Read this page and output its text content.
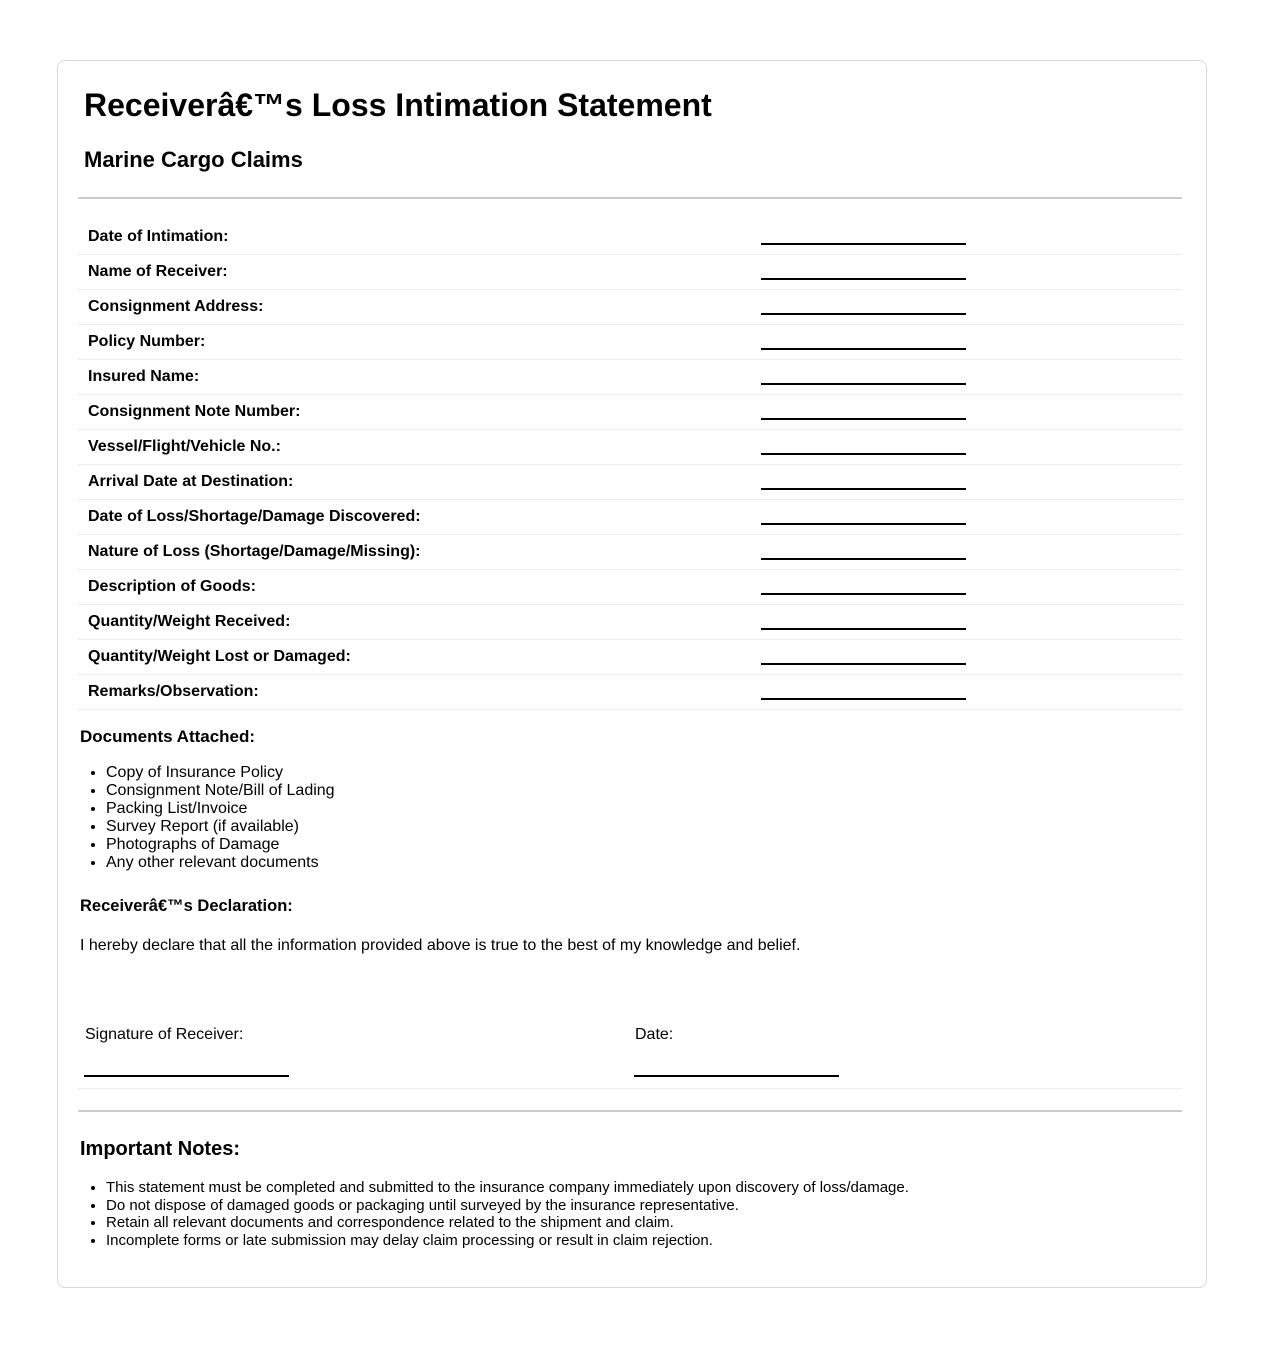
Receiverâ€™s Loss Intimation Statement
Marine Cargo Claims
Date of Intimation:
Name of Receiver:
Consignment Address:
Policy Number:
Insured Name:
Consignment Note Number:
Vessel/Flight/Vehicle No.:
Arrival Date at Destination:
Date of Loss/Shortage/Damage Discovered:
Nature of Loss (Shortage/Damage/Missing):
Description of Goods:
Quantity/Weight Received:
Quantity/Weight Lost or Damaged:
Remarks/Observation:
Documents Attached:
• Copy of Insurance Policy
• Consignment Note/Bill of Lading
• Packing List/Invoice
• Survey Report (if available)
• Photographs of Damage
• Any other relevant documents
Receiverâ€™s Declaration:

I hereby declare that all the information provided above is true to the best of my knowledge and belief.

Signature of Receiver:	Date:
Important Notes:
• This statement must be completed and submitted to the insurance company immediately upon discovery of loss/damage.
• Do not dispose of damaged goods or packaging until surveyed by the insurance representative.
• Retain all relevant documents and correspondence related to the shipment and claim.
• Incomplete forms or late submission may delay claim processing or result in claim rejection.
